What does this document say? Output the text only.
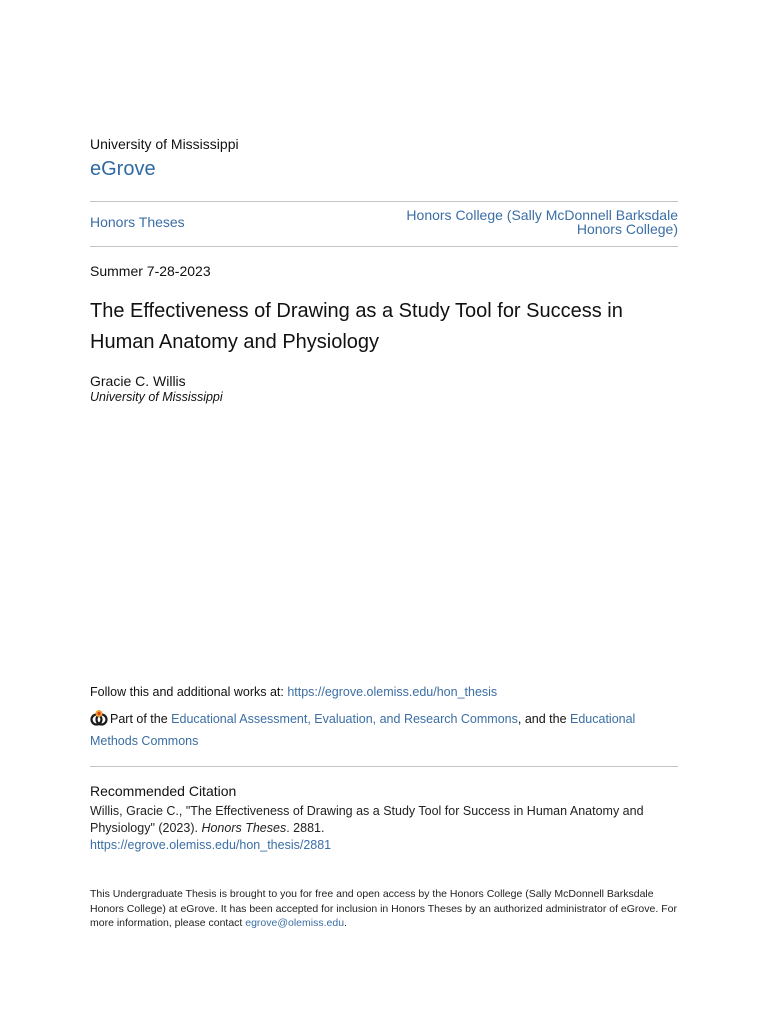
University of Mississippi
eGrove
Honors Theses	Honors College (Sally McDonnell Barksdale Honors College)
Summer 7-28-2023
The Effectiveness of Drawing as a Study Tool for Success in Human Anatomy and Physiology
Gracie C. Willis
University of Mississippi
Follow this and additional works at: https://egrove.olemiss.edu/hon_thesis
Part of the Educational Assessment, Evaluation, and Research Commons, and the Educational Methods Commons
Recommended Citation
Willis, Gracie C., "The Effectiveness of Drawing as a Study Tool for Success in Human Anatomy and Physiology" (2023). Honors Theses. 2881.
https://egrove.olemiss.edu/hon_thesis/2881
This Undergraduate Thesis is brought to you for free and open access by the Honors College (Sally McDonnell Barksdale Honors College) at eGrove. It has been accepted for inclusion in Honors Theses by an authorized administrator of eGrove. For more information, please contact egrove@olemiss.edu.
